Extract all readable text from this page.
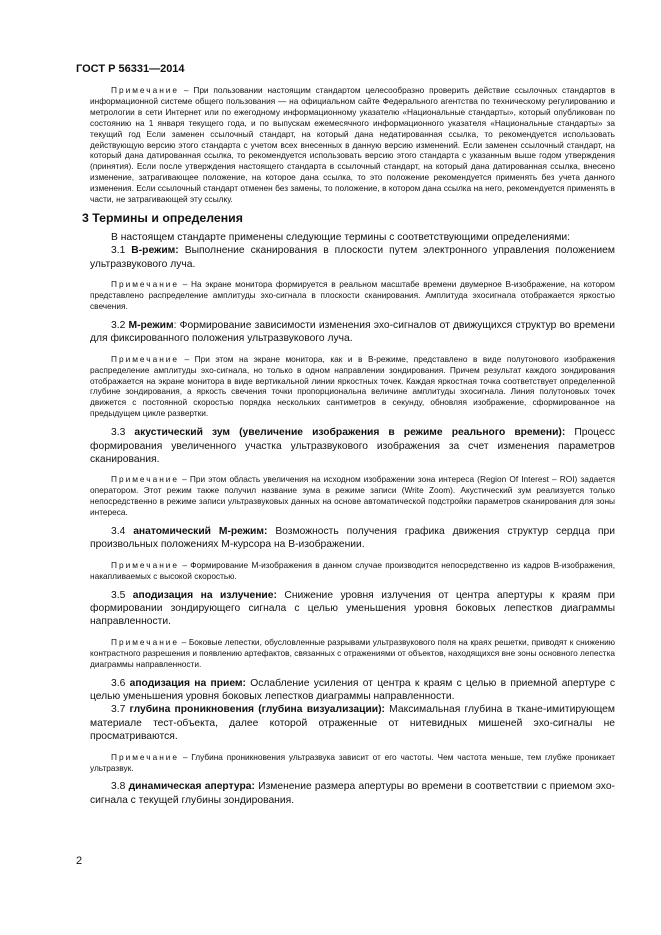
ГОСТ Р 56331—2014

Примечание – При пользовании настоящим стандартом целесообразно проверить действие ссылочных стандартов в информационной системе общего пользования — на официальном сайте Федерального агентства по техническому регулированию и метрологии в сети Интернет или по ежегодному информационному указателю «Национальные стандарты», который опубликован по состоянию на 1 января текущего года, и по выпускам ежемесячного информационного указателя «Национальные стандарты» за текущий год Если заменен ссылочный стандарт, на который дана недатированная ссылка, то рекомендуется использовать действующую версию этого стандарта с учетом всех внесенных в данную версию изменений. Если заменен ссылочный стандарт, на который дана датированная ссылка, то рекомендуется использовать версию этого стандарта с указанным выше годом утверждения (принятия). Если после утверждения настоящего стандарта в ссылочный стандарт, на который дана датированная ссылка, внесено изменение, затрагивающее положение, на которое дана ссылка, то это положение рекомендуется применять без учета данного изменения. Если ссылочный стандарт отменен без замены, то положение, в котором дана ссылка на него, рекомендуется применять в части, не затрагивающей эту ссылку.

3 Термины и определения

В настоящем стандарте применены следующие термины с соответствующими определениями:

3.1 В-режим: Выполнение сканирования в плоскости путем электронного управления положением ультразвукового луча.

Примечание – На экране монитора формируется в реальном масштабе времени двумерное В-изображение, на котором представлено распределение амплитуды эхо-сигнала в плоскости сканирования. Амплитуда эхосигнала отображается яркостью свечения.

3.2 М-режим: Формирование зависимости изменения эхо-сигналов от движущихся структур во времени для фиксированного положения ультразвукового луча.

Примечание – При этом на экране монитора, как и в В-режиме, представлено в виде полутонового изображения распределение амплитуды эхо-сигнала, но только в одном направлении зондирования. Причем результат каждого зондирования отображается на экране монитора в виде вертикальной линии яркостных точек. Каждая яркостная точка соответствует определенной глубине зондирования, а яркость свечения точки пропорциональна величине амплитуды эхосигнала. Линия полутоновых точек движется с постоянной скоростью порядка нескольких сантиметров в секунду, обновляя изображение, сформированное на предыдущем цикле развертки.

3.3 акустический зум (увеличение изображения в режиме реального времени): Процесс формирования увеличенного участка ультразвукового изображения за счет изменения параметров сканирования.

Примечание – При этом область увеличения на исходном изображении зона интереса (Region Of Interest – ROI) задается оператором. Этот режим также получил название зума в режиме записи (Write Zoom). Акустический зум реализуется только непосредственно в режиме записи ультразвуковых данных на основе автоматической подстройки параметров сканирования для зоны интереса.

3.4 анатомический М-режим: Возможность получения графика движения структур сердца при произвольных положениях М-курсора на В-изображении.

Примечание – Формирование М-изображения в данном случае производится непосредственно из кадров В-изображения, накапливаемых с высокой скоростью.

3.5 аподизация на излучение: Снижение уровня излучения от центра апертуры к краям при формировании зондирующего сигнала с целью уменьшения уровня боковых лепестков диаграммы направленности.

Примечание – Боковые лепестки, обусловленные разрывами ультразвукового поля на краях решетки, приводят к снижению контрастного разрешения и появлению артефактов, связанных с отражениями от объектов, находящихся вне зоны основного лепестка диаграммы направленности.

3.6 аподизация на прием: Ослабление усиления от центра к краям с целью в приемной апертуре с целью уменьшения уровня боковых лепестков диаграммы направленности.

3.7 глубина проникновения (глубина визуализации): Максимальная глубина в ткане-имитирующем материале тест-объекта, далее которой отраженные от нитевидных мишеней эхо-сигналы не просматриваются.

Примечание – Глубина проникновения ультразвука зависит от его частоты. Чем частота меньше, тем глубже проникает ультразвук.

3.8 динамическая апертура: Изменение размера апертуры во времени в соответствии с приемом эхо-сигнала с текущей глубины зондирования.

2
